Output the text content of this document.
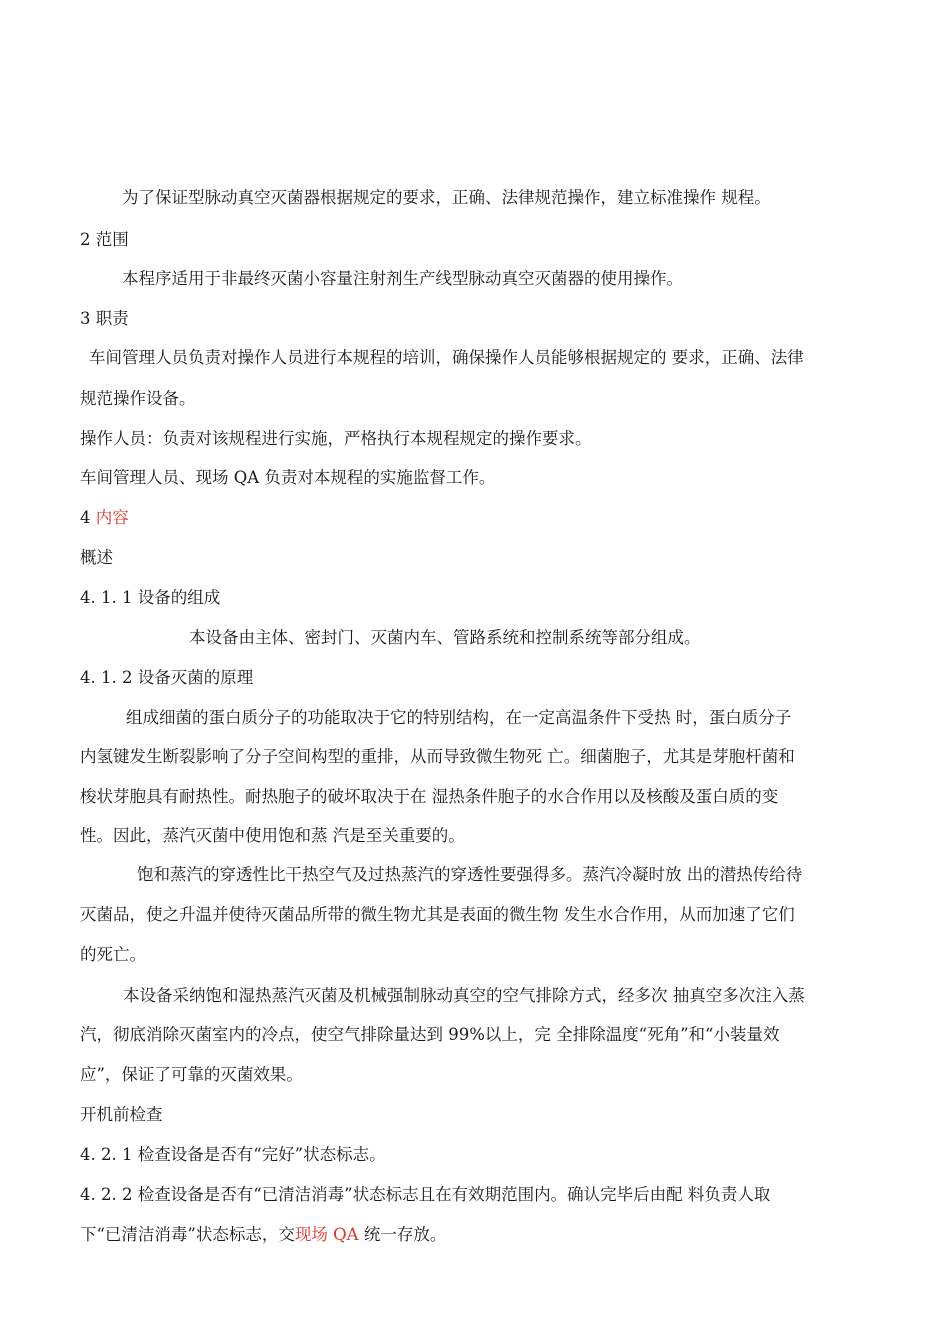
为了保证型脉动真空灭菌器根据规定的要求，正确、法律规范操作，建立标准操作 规程。
2 范围
本程序适用于非最终灭菌小容量注射剂生产线型脉动真空灭菌器的使用操作。
3 职责
车间管理人员负责对操作人员进行本规程的培训，确保操作人员能够根据规定的 要求，正确、法律
规范操作设备。
操作人员：负责对该规程进行实施，严格执行本规程规定的操作要求。
车间管理人员、现场 QA 负责对本规程的实施监督工作。
4 内容
概述
4. 1. 1 设备的组成
本设备由主体、密封门、灭菌内车、管路系统和控制系统等部分组成。
4. 1. 2 设备灭菌的原理
组成细菌的蛋白质分子的功能取决于它的特别结构，在一定高温条件下受热 时，蛋白质分子
内氢键发生断裂影响了分子空间构型的重排，从而导致微生物死 亡。细菌胞子，尤其是芽胞杆菌和
梭状芽胞具有耐热性。耐热胞子的破坏取决于在 湿热条件胞子的水合作用以及核酸及蛋白质的变
性。因此，蒸汽灭菌中使用饱和蒸 汽是至关重要的。
饱和蒸汽的穿透性比干热空气及过热蒸汽的穿透性要强得多。蒸汽冷凝时放 出的潜热传给待
灭菌品，使之升温并使待灭菌品所带的微生物尤其是表面的微生物 发生水合作用，从而加速了它们
的死亡。
本设备采纳饱和湿热蒸汽灭菌及机械强制脉动真空的空气排除方式，经多次 抽真空多次注入蒸
汽，彻底消除灭菌室内的冷点，使空气排除量达到 99%以上，完 全排除温度“死角”和“小装量效
应”，保证了可靠的灭菌效果。
开机前检查
4. 2. 1 检查设备是否有“完好”状态标志。
4. 2. 2 检查设备是否有“已清洁消毒”状态标志且在有效期范围内。确认完毕后由配 料负责人取
下“已清洁消毒”状态标志，交现场 QA 统一存放。
